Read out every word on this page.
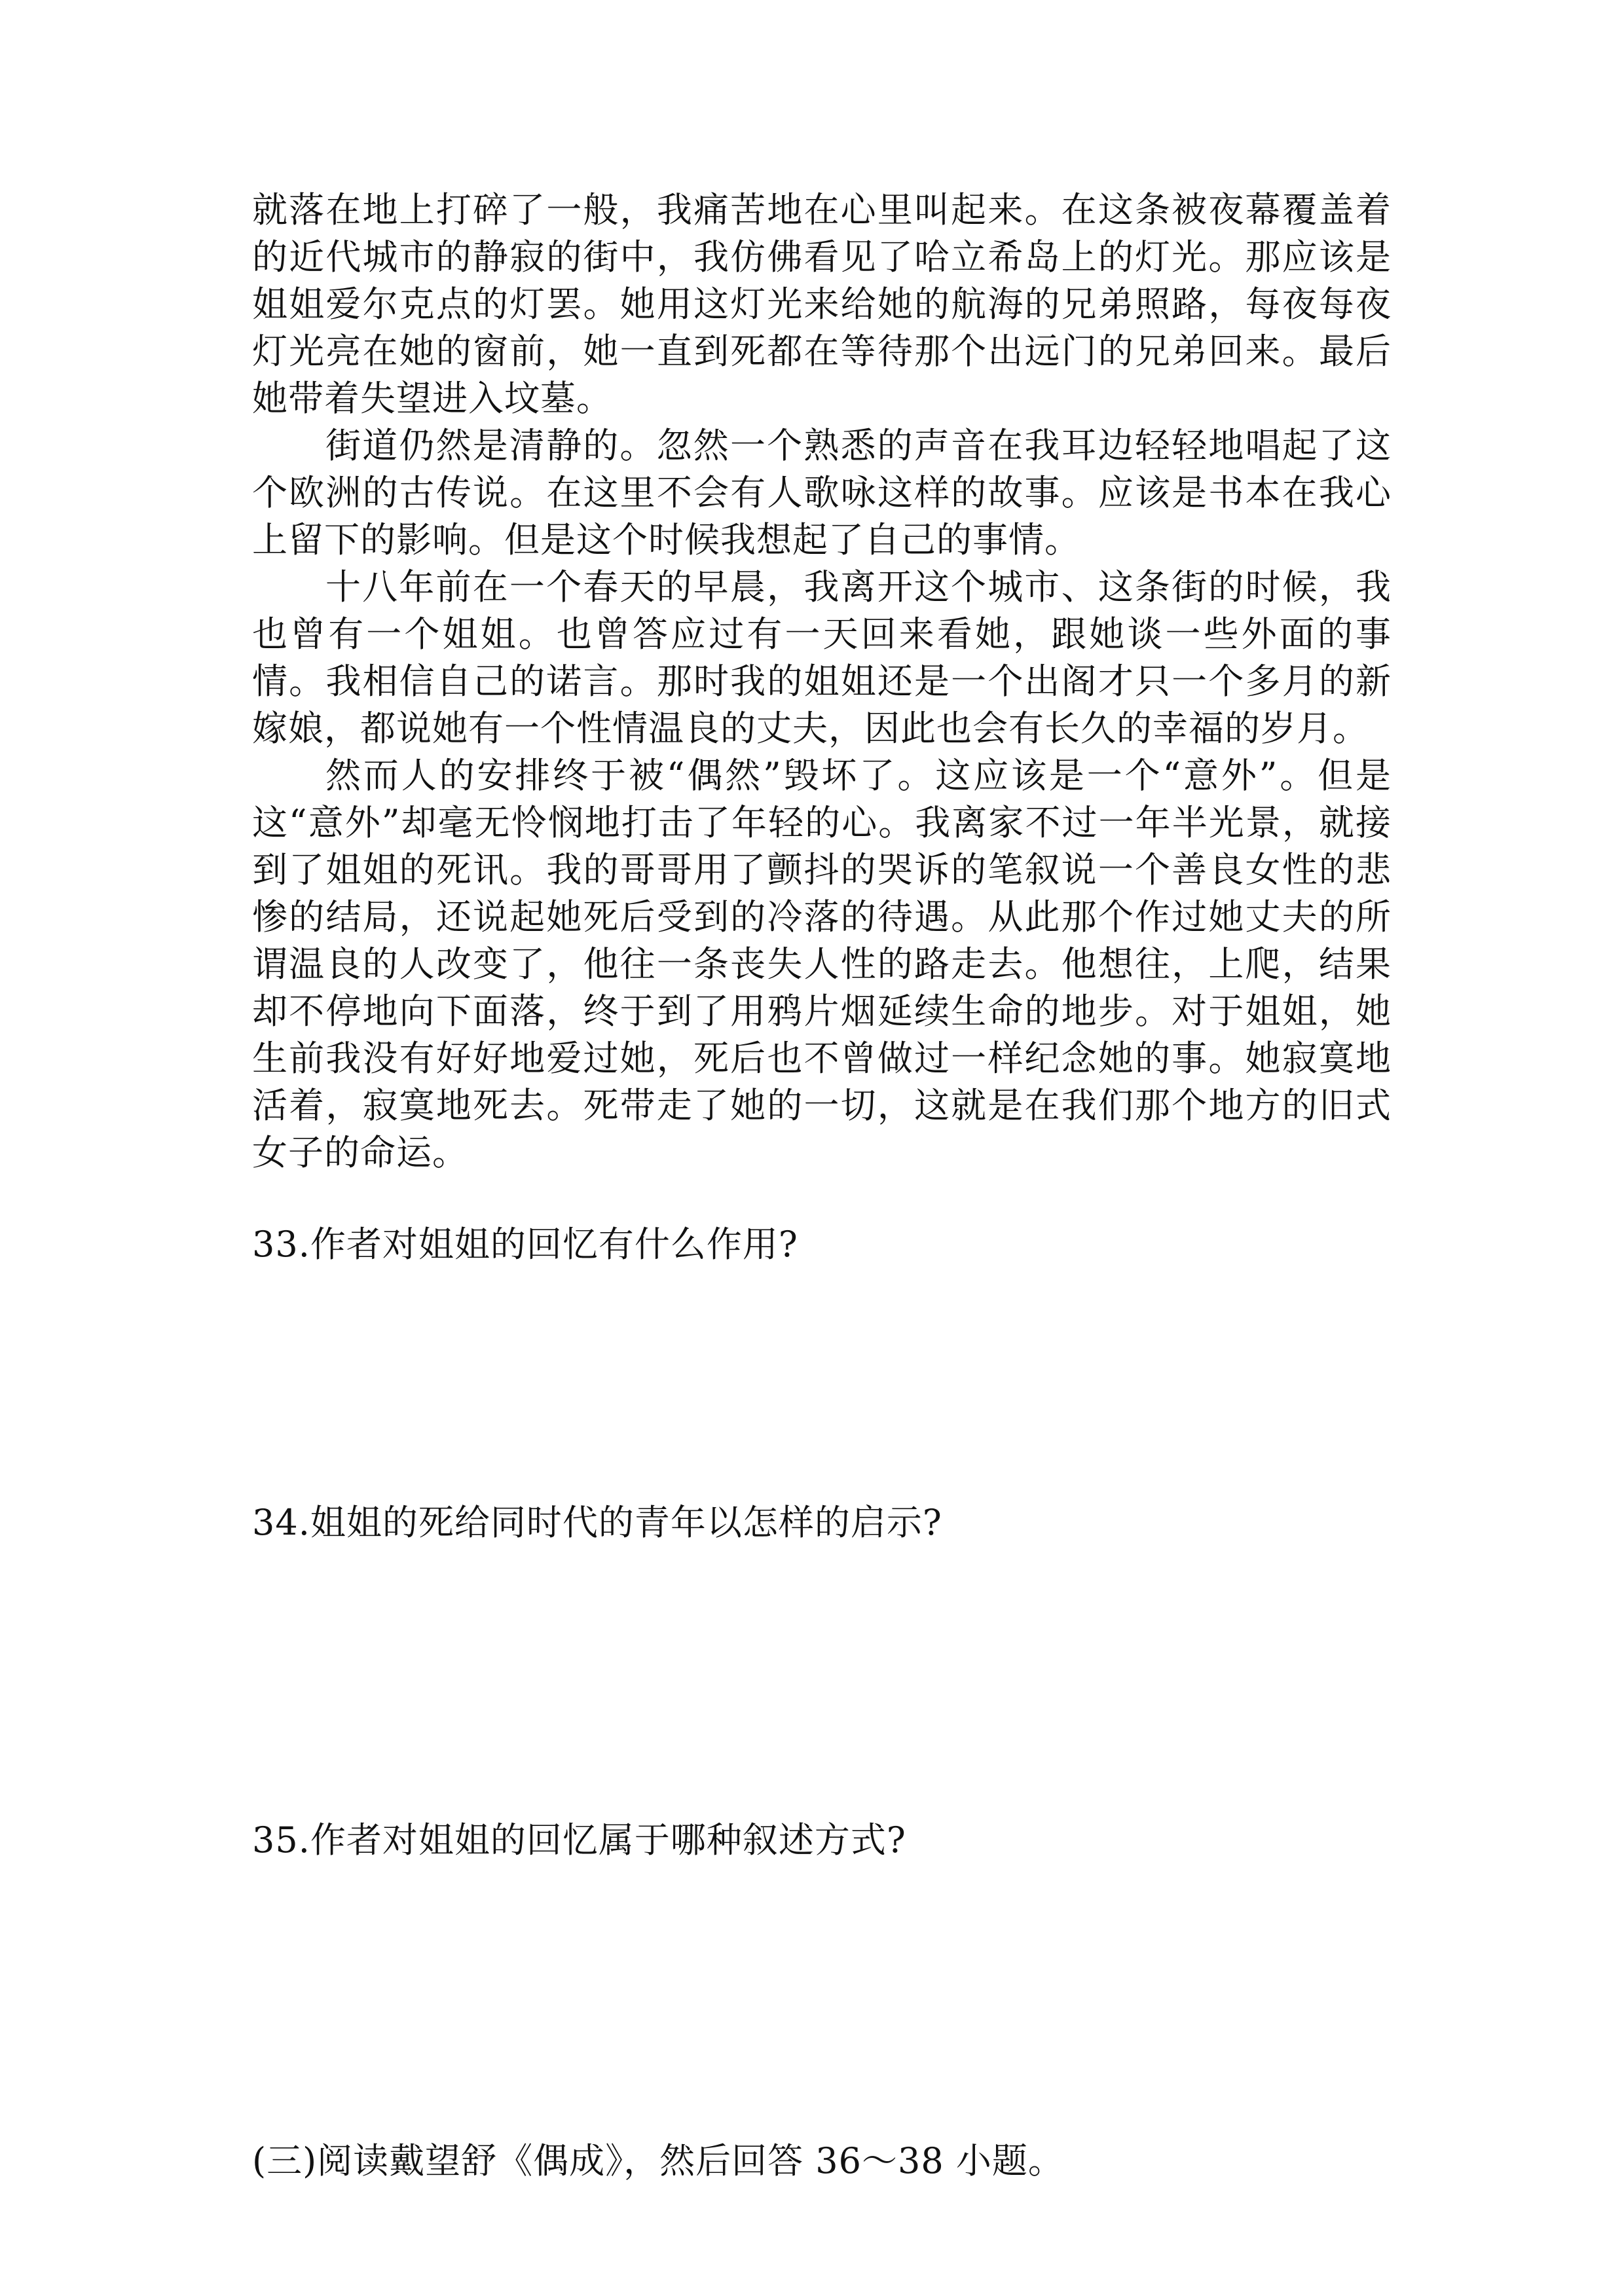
就落在地上打碎了一般，我痛苦地在心里叫起来。在这条被夜幕覆盖着的近代城市的静寂的街中，我仿佛看见了哈立希岛上的灯光。那应该是姐姐爱尔克点的灯罢。她用这灯光来给她的航海的兄弟照路，每夜每夜灯光亮在她的窗前，她一直到死都在等待那个出远门的兄弟回来。最后她带着失望进入坟墓。

街道仍然是清静的。忽然一个熟悉的声音在我耳边轻轻地唱起了这个欧洲的古传说。在这里不会有人歌咏这样的故事。应该是书本在我心上留下的影响。但是这个时候我想起了自己的事情。

十八年前在一个春天的早晨，我离开这个城市、这条街的时候，我也曾有一个姐姐。也曾答应过有一天回来看她，跟她谈一些外面的事情。我相信自己的诺言。那时我的姐姐还是一个出阁才只一个多月的新嫁娘，都说她有一个性情温良的丈夫，因此也会有长久的幸福的岁月。

然而人的安排终于被“偶然”毁坏了。这应该是一个“意外”。但是这“意外”却毫无怜悯地打击了年轻的心。我离家不过一年半光景，就接到了姐姐的死讯。我的哥哥用了颤抖的哭诉的笔叙说一个善良女性的悲惨的结局，还说起她死后受到的冷落的待遇。从此那个作过她丈夫的所谓温良的人改变了，他往一条丧失人性的路走去。他想往，上爬，结果却不停地向下面落，终于到了用鸦片烟延续生命的地步。对于姐姐，她生前我没有好好地爱过她，死后也不曾做过一样纪念她的事。她寂寞地活着，寂寞地死去。死带走了她的一切，这就是在我们那个地方的旧式女子的命运。

33.作者对姐姐的回忆有什么作用?

34.姐姐的死给同时代的青年以怎样的启示?

35.作者对姐姐的回忆属于哪种叙述方式?

(三)阅读戴望舒《偶成》，然后回答 36～38 小题。
